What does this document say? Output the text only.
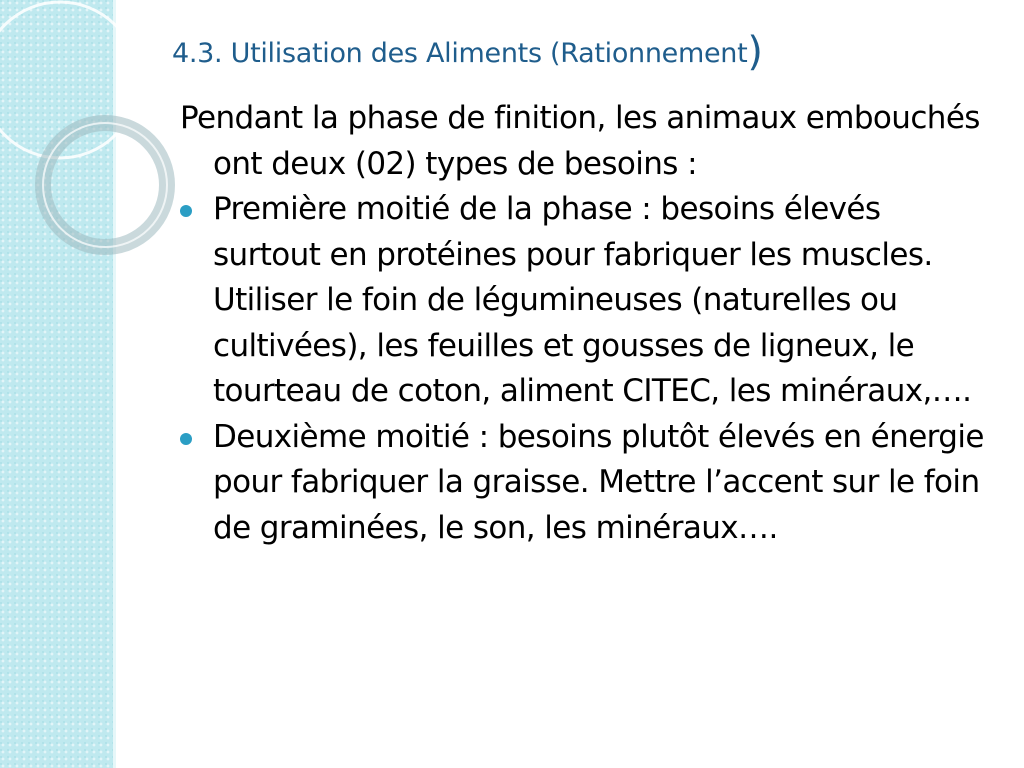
4.3. Utilisation des Aliments (Rationnement)

Pendant la phase de finition, les animaux embouchés ont deux (02) types de besoins :

Première moitié de la phase : besoins élevés surtout en protéines pour fabriquer les muscles. Utiliser le foin de légumineuses (naturelles ou cultivées), les feuilles et gousses de ligneux, le tourteau de coton, aliment CITEC, les minéraux,….
Deuxième moitié : besoins plutôt élevés en énergie pour fabriquer la graisse. Mettre l’accent sur le foin de graminées, le son, les minéraux….
